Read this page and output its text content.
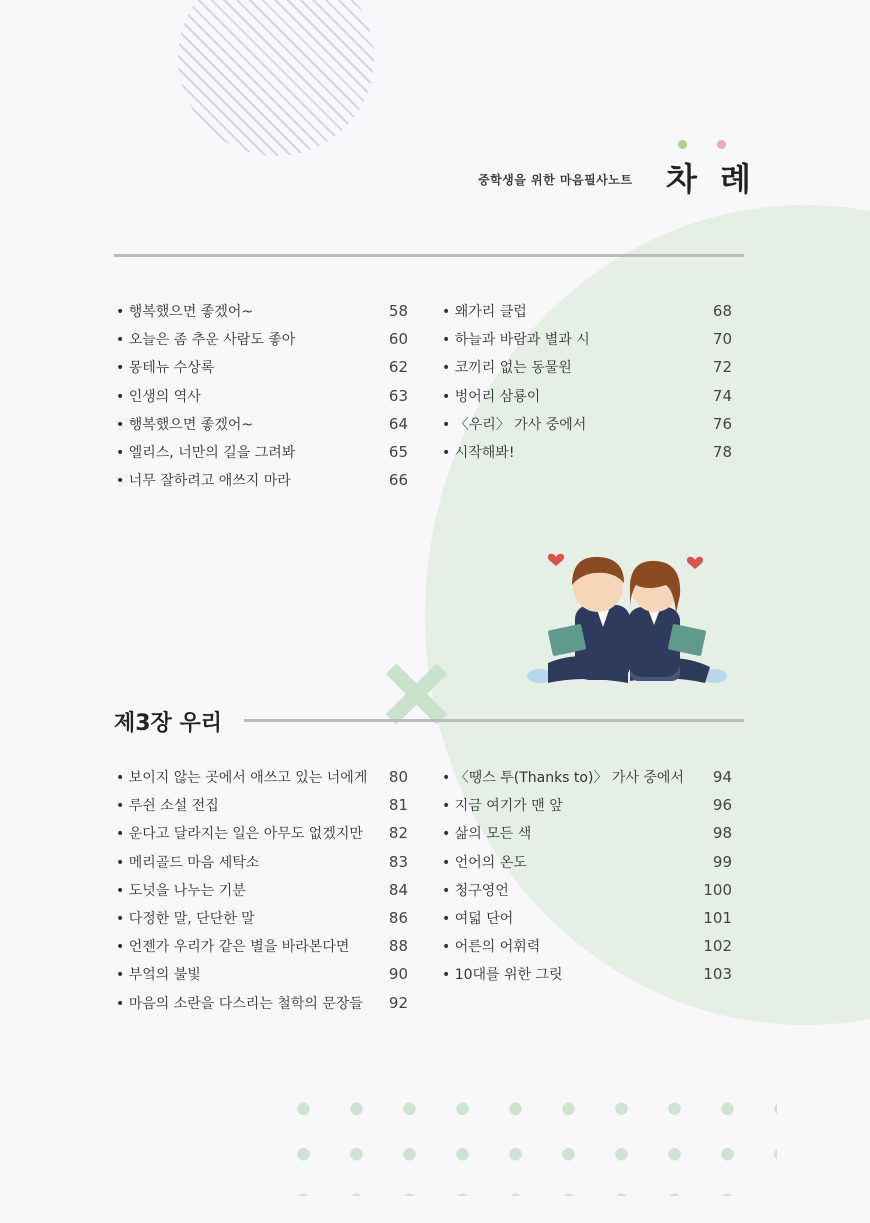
중학생을 위한 마음필사노트 차 례
• 행복했으면 좋겠어~	58
• 오늘은 좀 추운 사람도 좋아	60
• 몽테뉴 수상록	62
• 인생의 역사	63
• 행복했으면 좋겠어~	64
• 엘리스, 너만의 길을 그려봐	65
• 너무 잘하려고 애쓰지 마라	66
• 왜가리 클럽	68
• 하늘과 바람과 별과 시	70
• 코끼리 없는 동물원	72
• 벙어리 삼룡이	74
• 〈우리〉 가사 중에서	76
• 시작해봐!	78
제3장 우리
• 보이지 않는 곳에서 애쓰고 있는 너에게 80
• 루쉰 소설 전집	81
• 운다고 달라지는 일은 아무도 없겠지만 82
• 메리골드 마음 세탁소	83
• 도넛을 나누는 기분	84
• 다정한 말, 단단한 말	86
• 언젠가 우리가 같은 별을 바라본다면	88
• 부엌의 불빛	90
• 마음의 소란을 다스리는 철학의 문장들 92
• 〈땡스 투(Thanks to)〉 가사 중에서 94
• 지금 여기가 맨 앞	96
• 삶의 모든 색	98
• 언어의 온도	99
• 청구영언	100
• 여덟 단어	101
• 어른의 어휘력	102
• 10대를 위한 그릿	103
